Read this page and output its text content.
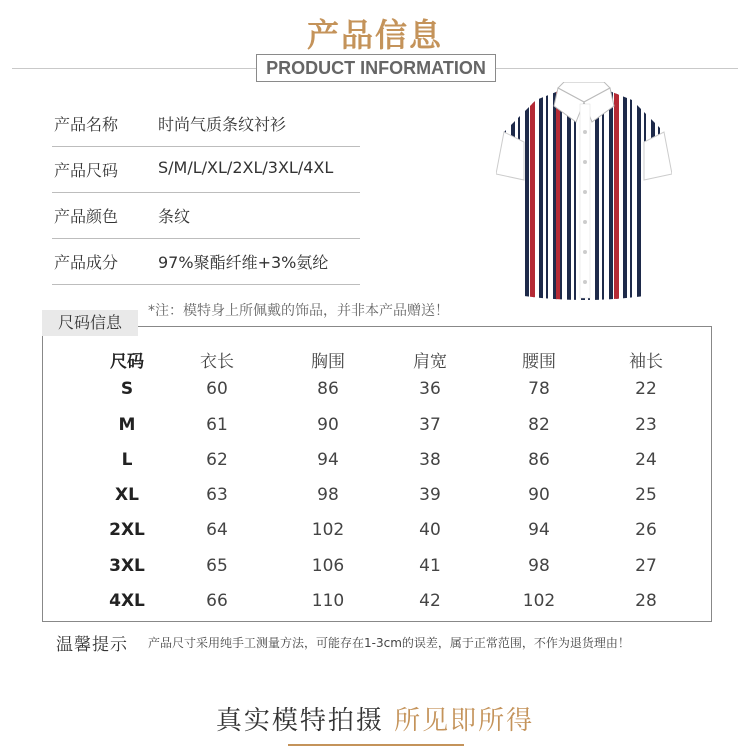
产品信息
PRODUCT INFORMATION
产品名称 时尚气质条纹衬衫
产品尺码 S/M/L/XL/2XL/3XL/4XL
产品颜色 条纹
产品成分 97%聚酯纤维+3%氨纶
*注：模特身上所佩戴的饰品，并非本产品赠送！
尺码	衣长	胸围	肩宽	腰围	袖长
S	60	86	36	78	22
M	61	90	37	82	23
L	62	94	38	86	24
XL	63	98	39	90	25
2XL	64	102	40	94	26
3XL	65	106	41	98	27
4XL	66	110	42	102	28
尺码信息
温馨提示 产品尺寸采用纯手工测量方法，可能存在1-3cm的误差，属于正常范围，不作为退货理由！
真实模特拍摄 所见即所得
